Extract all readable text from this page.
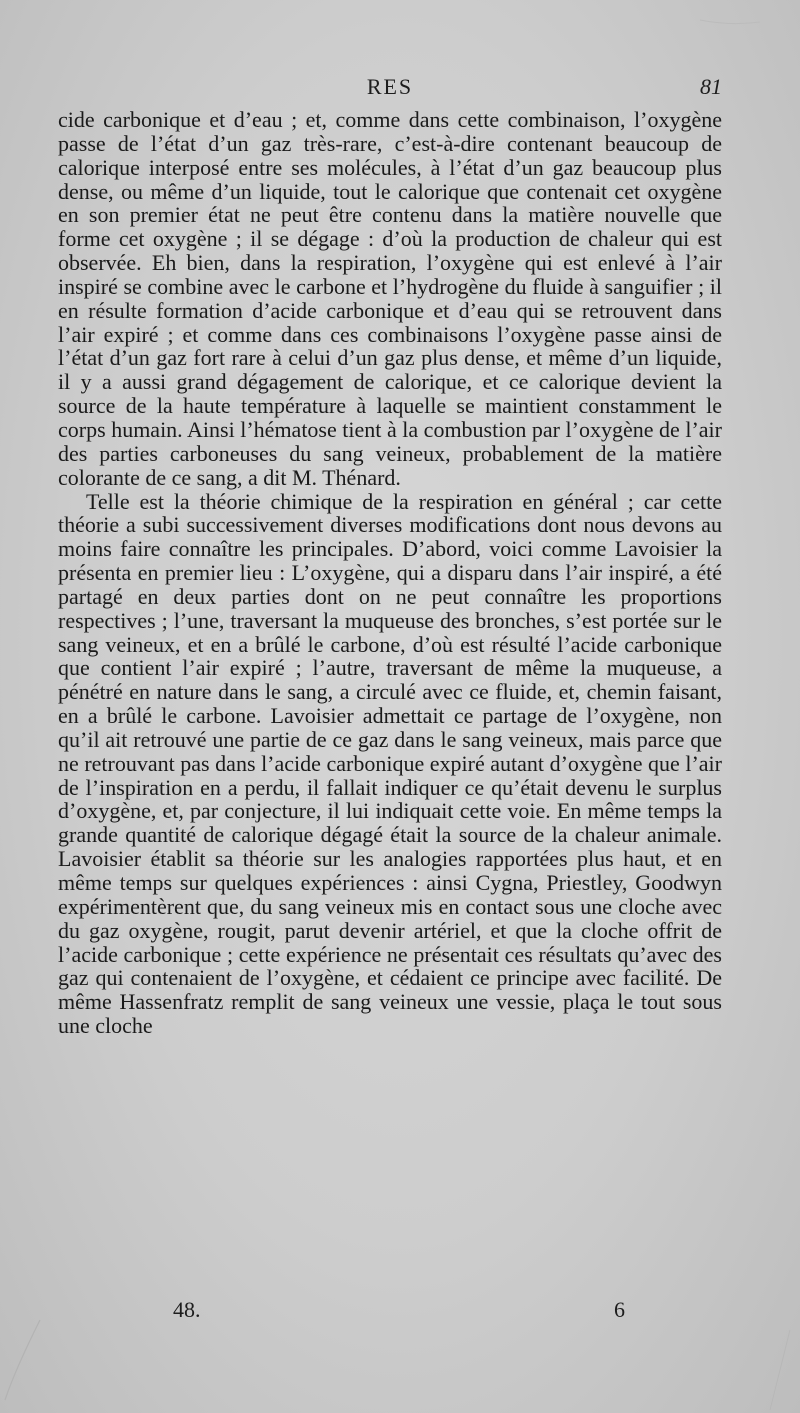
RES	81

cide carbonique et d’eau ; et, comme dans cette combinaison, l’oxygène passe de l’état d’un gaz très-rare, c’est-à-dire contenant beaucoup de calorique interposé entre ses molécules, à l’état d’un gaz beaucoup plus dense, ou même d’un liquide, tout le calorique que contenait cet oxygène en son premier état ne peut être contenu dans la matière nouvelle que forme cet oxygène ; il se dégage : d’où la production de chaleur qui est observée. Eh bien, dans la respiration, l’oxygène qui est enlevé à l’air inspiré se combine avec le carbone et l’hydrogène du fluide à sanguifier ; il en résulte formation d’acide carbonique et d’eau qui se retrouvent dans l’air expiré ; et comme dans ces combinaisons l’oxygène passe ainsi de l’état d’un gaz fort rare à celui d’un gaz plus dense, et même d’un liquide, il y a aussi grand dégagement de calorique, et ce calorique devient la source de la haute température à laquelle se maintient constamment le corps humain. Ainsi l’hématose tient à la combustion par l’oxygène de l’air des parties carboneuses du sang veineux, probablement de la matière colorante de ce sang, a dit M. Thénard.

Telle est la théorie chimique de la respiration en général ; car cette théorie a subi successivement diverses modifications dont nous devons au moins faire connaître les principales. D’abord, voici comme Lavoisier la présenta en premier lieu : L’oxygène, qui a disparu dans l’air inspiré, a été partagé en deux parties dont on ne peut connaître les proportions respectives ; l’une, traversant la muqueuse des bronches, s’est portée sur le sang veineux, et en a brûlé le carbone, d’où est résulté l’acide carbonique que contient l’air expiré ; l’autre, traversant de même la muqueuse, a pénétré en nature dans le sang, a circulé avec ce fluide, et, chemin faisant, en a brûlé le carbone. Lavoisier admettait ce partage de l’oxygène, non qu’il ait retrouvé une partie de ce gaz dans le sang veineux, mais parce que ne retrouvant pas dans l’acide carbonique expiré autant d’oxygène que l’air de l’inspiration en a perdu, il fallait indiquer ce qu’était devenu le surplus d’oxygène, et, par conjecture, il lui indiquait cette voie. En même temps la grande quantité de calorique dégagé était la source de la chaleur animale. Lavoisier établit sa théorie sur les analogies rapportées plus haut, et en même temps sur quelques expériences : ainsi Cygna, Priestley, Goodwyn expérimentèrent que, du sang veineux mis en contact sous une cloche avec du gaz oxygène, rougit, parut devenir artériel, et que la cloche offrit de l’acide carbonique ; cette expérience ne présentait ces résultats qu’avec des gaz qui contenaient de l’oxygène, et cédaient ce principe avec facilité. De même Hassenfratz remplit de sang veineux une vessie, plaça le tout sous une cloche

48.	6
